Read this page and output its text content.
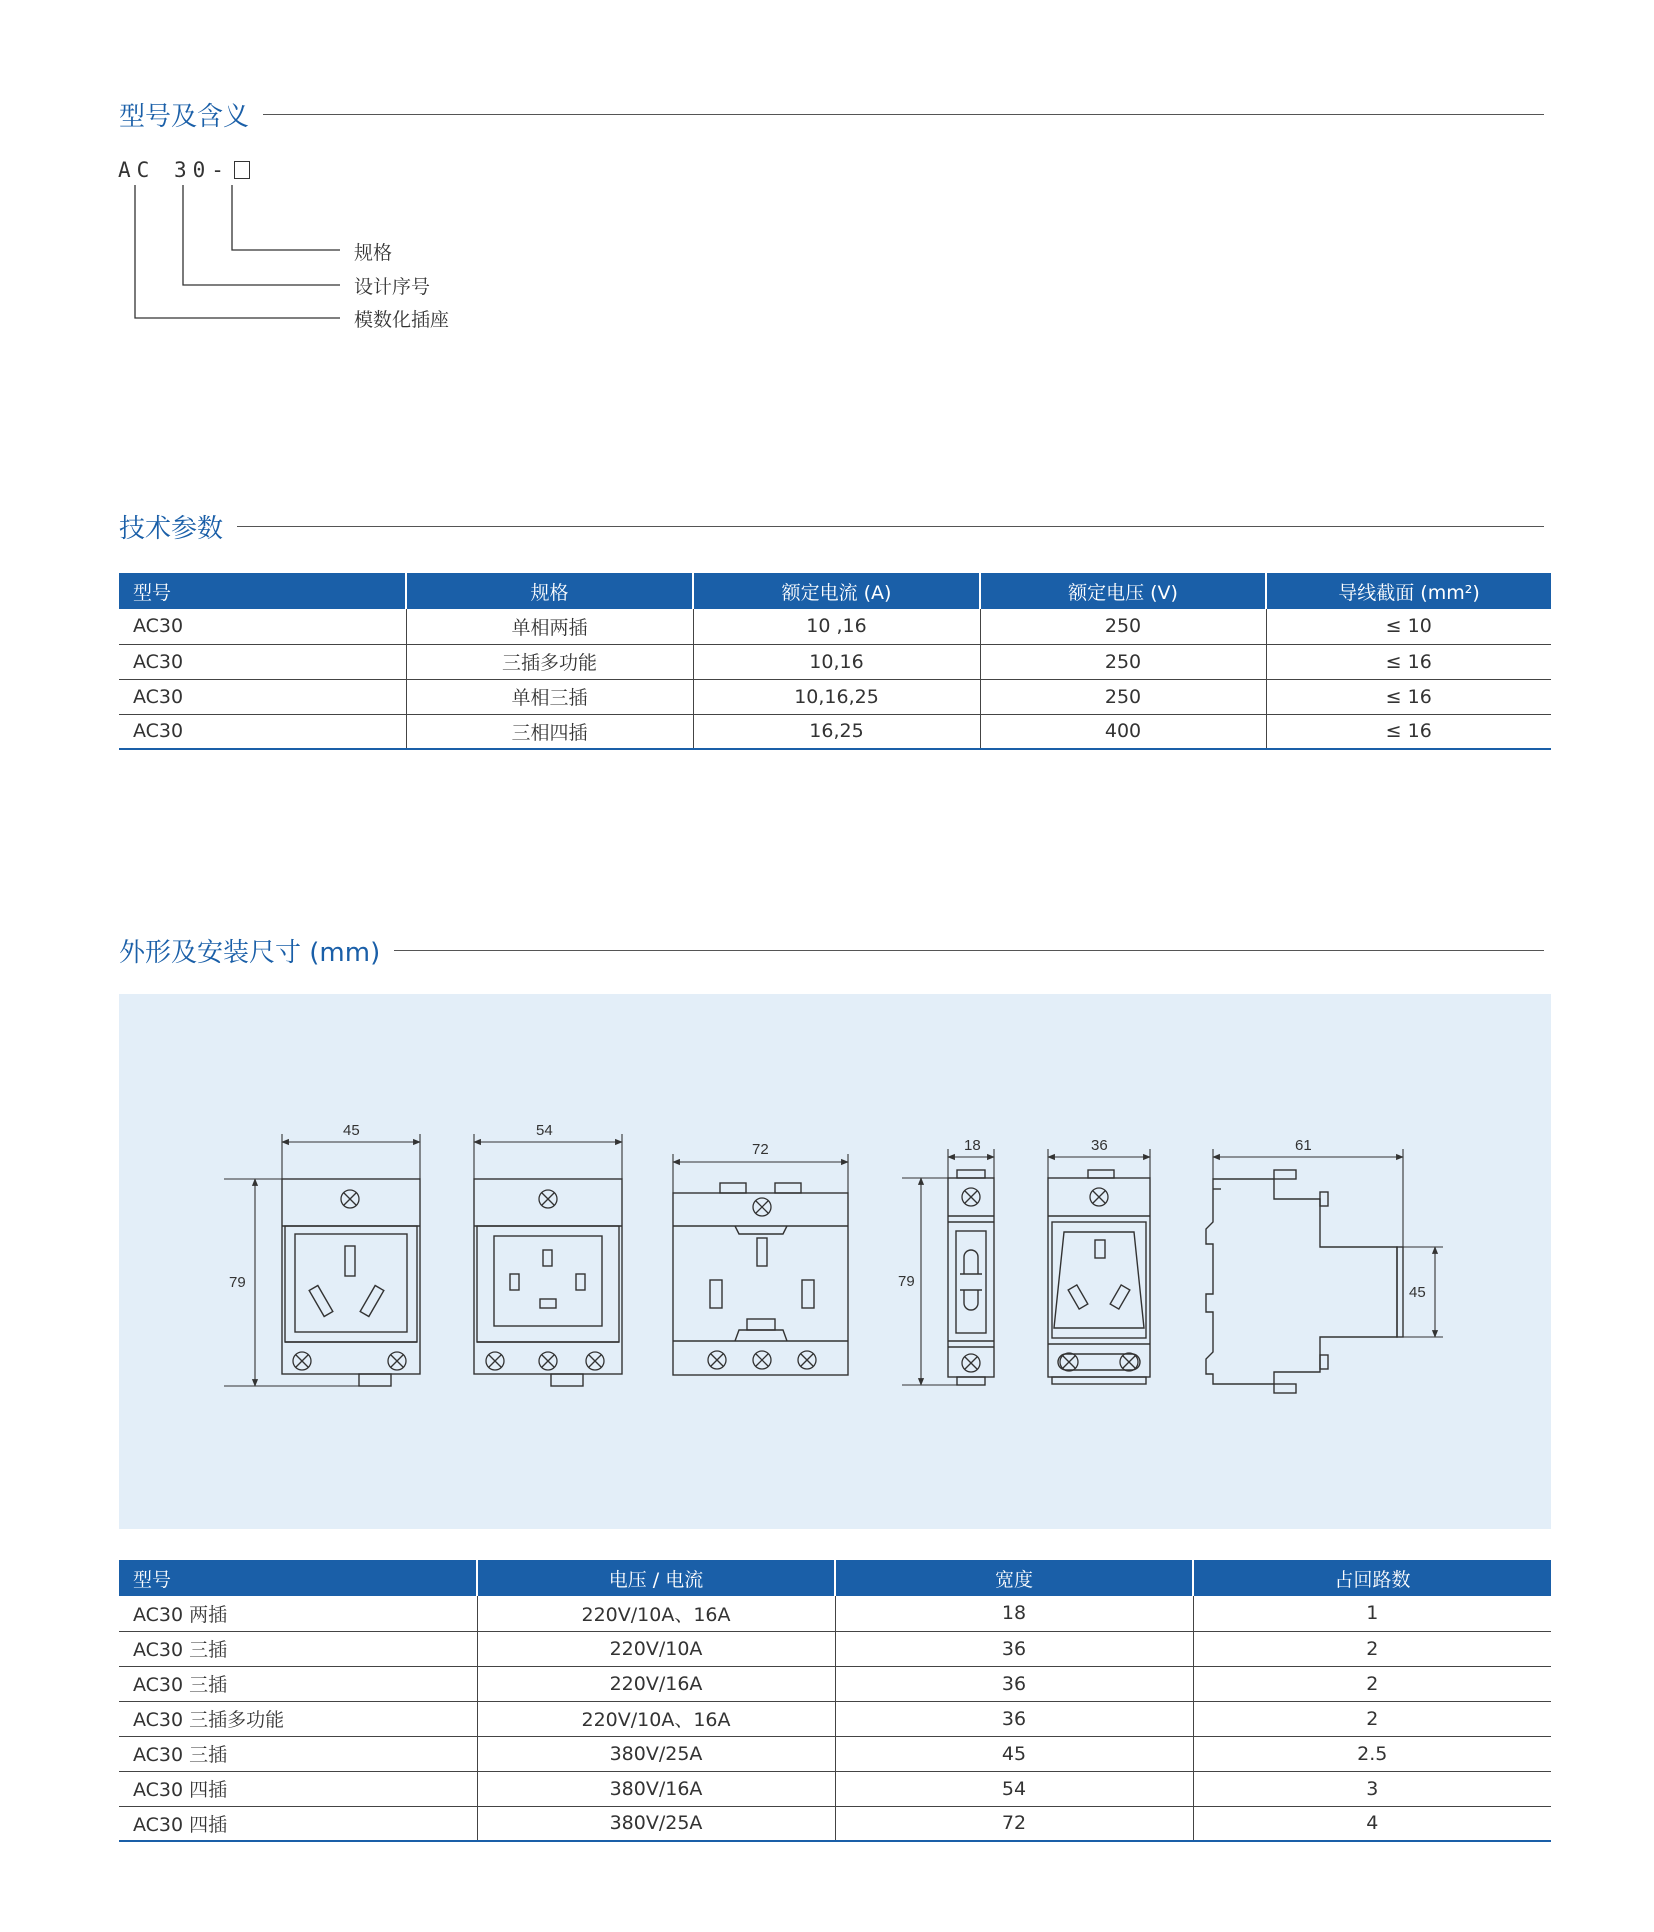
型号及含义
AC 30-
规格
设计序号
模数化插座
技术参数
型号	规格	额定电流 (A)	额定电压 (V)	导线截面 (mm²)
AC30	单相两插	10 ,16	250	≤ 10
AC30	三插多功能	10,16	250	≤ 16
AC30	单相三插	10,16,25	250	≤ 16
AC30	三相四插	16,25	400	≤ 16
外形及安装尺寸 (mm)
45
79
54
72	18
79
36	61
45
型号	电压 / 电流	宽度	占回路数
AC30 两插	220V/10A、16A	18	1
AC30 三插	220V/10A	36	2
AC30 三插	220V/16A	36	2
AC30 三插多功能	220V/10A、16A	36	2
AC30 三插	380V/25A	45	2.5
AC30 四插	380V/16A	54	3
AC30 四插	380V/25A	72	4
